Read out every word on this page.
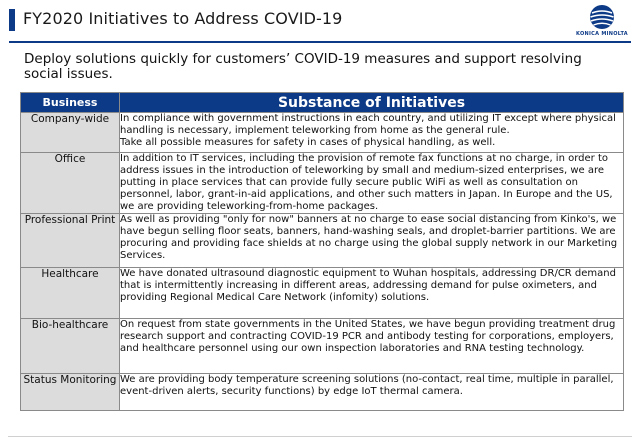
FY2020 Initiatives to Address COVID-19
KONICA MINOLTA
Deploy solutions quickly for customers’ COVID-19 measures and support resolving social issues.
Business	Substance of Initiatives
Company-wide	In compliance with government instructions in each country, and utilizing IT except where physical handling is necessary, implement teleworking from home as the general rule.
Take all possible measures for safety in cases of physical handling, as well.

Office	In addition to IT services, including the provision of remote fax functions at no charge, in order to address issues in the introduction of teleworking by small and medium-sized enterprises, we are putting in place services that can provide fully secure public WiFi as well as consultation on personnel, labor, grant-in-aid applications, and other such matters in Japan. In Europe and the US, we are providing teleworking-from-home packages.

Professional Print	As well as providing "only for now" banners at no charge to ease social distancing from Kinko's, we have begun selling floor seats, banners, hand-washing seals, and droplet-barrier partitions. We are procuring and providing face shields at no charge using the global supply network in our Marketing Services.

Healthcare	We have donated ultrasound diagnostic equipment to Wuhan hospitals, addressing DR/CR demand that is intermittently increasing in different areas, addressing demand for pulse oximeters, and providing Regional Medical Care Network (infomity) solutions.

Bio-healthcare	On request from state governments in the United States, we have begun providing treatment drug research support and contracting COVID-19 PCR and antibody testing for corporations, employers, and healthcare personnel using our own inspection laboratories and RNA testing technology.

Status Monitoring	We are providing body temperature screening solutions (no-contact, real time, multiple in parallel, event-driven alerts, security functions) by edge IoT thermal camera.
